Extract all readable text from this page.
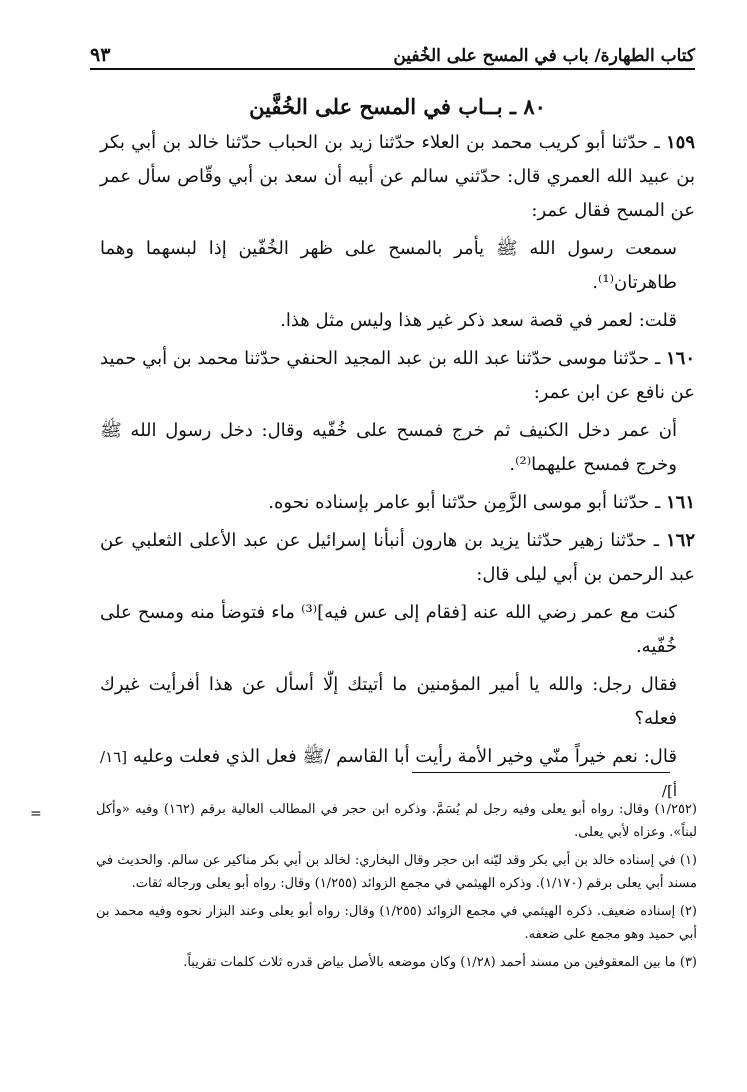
كتاب الطهارة/ باب في المسح على الخُفين
٩٣
٨٠ ـ بــاب في المسح على الخُفَّين

١٥٩ ـ حدّثنا أبو كريب محمد بن العلاء حدّثنا زيد بن الحباب حدّثنا خالد بن أبي بكر بن عبيد الله العمري قال: حدّثني سالم عن أبيه أن سعد بن أبي وقّاص سأل عمر عن المسح فقال عمر:

سمعت رسول الله ﷺ يأمر بالمسح على ظهر الخُفّين إذا لبسهما وهما طاهرتان⁽¹⁾.

قلت: لعمر في قصة سعد ذكر غير هذا وليس مثل هذا.

١٦٠ ـ حدّثنا موسى حدّثنا عبد الله بن عبد المجيد الحنفي حدّثنا محمد بن أبي حميد عن نافع عن ابن عمر:

أن عمر دخل الكنيف ثم خرج فمسح على خُفّيه وقال: دخل رسول الله ﷺ وخرج فمسح عليهما⁽²⁾.

١٦١ ـ حدّثنا أبو موسى الزَّمِن حدّثنا أبو عامر بإسناده نحوه.

١٦٢ ـ حدّثنا زهير حدّثنا يزيد بن هارون أنبأنا إسرائيل عن عبد الأعلى الثعلبي عن عبد الرحمن بن أبي ليلى قال:

كنت مع عمر رضي الله عنه [فقام إلى عس فيه]⁽³⁾ ماء فتوضأ منه ومسح على خُفّيه.

فقال رجل: والله يا أمير المؤمنين ما أتيتك إلّا أسأل عن هذا أفرأيت غيرك فعله؟

قال: نعم خيراً منّي وخير الأمة رأيت أبا القاسم /ﷺ فعل الذي فعلت وعليه [١٦/أ]/

=	(١/٢٥٢) وقال: رواه أبو يعلى وفيه رجل لم يُسَمَّ. وذكره ابن حجر في المطالب العالية برقم (١٦٢) وفيه «وأكل لبناً». وعزاه لأبي يعلى.

(١) في إسناده خالد بن أبي بكر وقد ليّنه ابن حجر وقال البخاري: لخالد بن أبي بكر مناكير عن سالم. والحديث في مسند أبي يعلى برقم (١/١٧٠). وذكره الهيثمي في مجمع الزوائد (١/٢٥٥) وقال: رواه أبو يعلى ورجاله ثقات.

(٢) إسناده ضعيف. ذكره الهيثمي في مجمع الزوائد (١/٢٥٥) وقال: رواه أبو يعلى وعند البزار نحوه وفيه محمد بن أبي حميد وهو مجمع على ضعفه.

(٣) ما بين المعقوفين من مسند أحمد (١/٢٨) وكان موضعه بالأصل بياض قدره ثلاث كلمات تقريباً.
